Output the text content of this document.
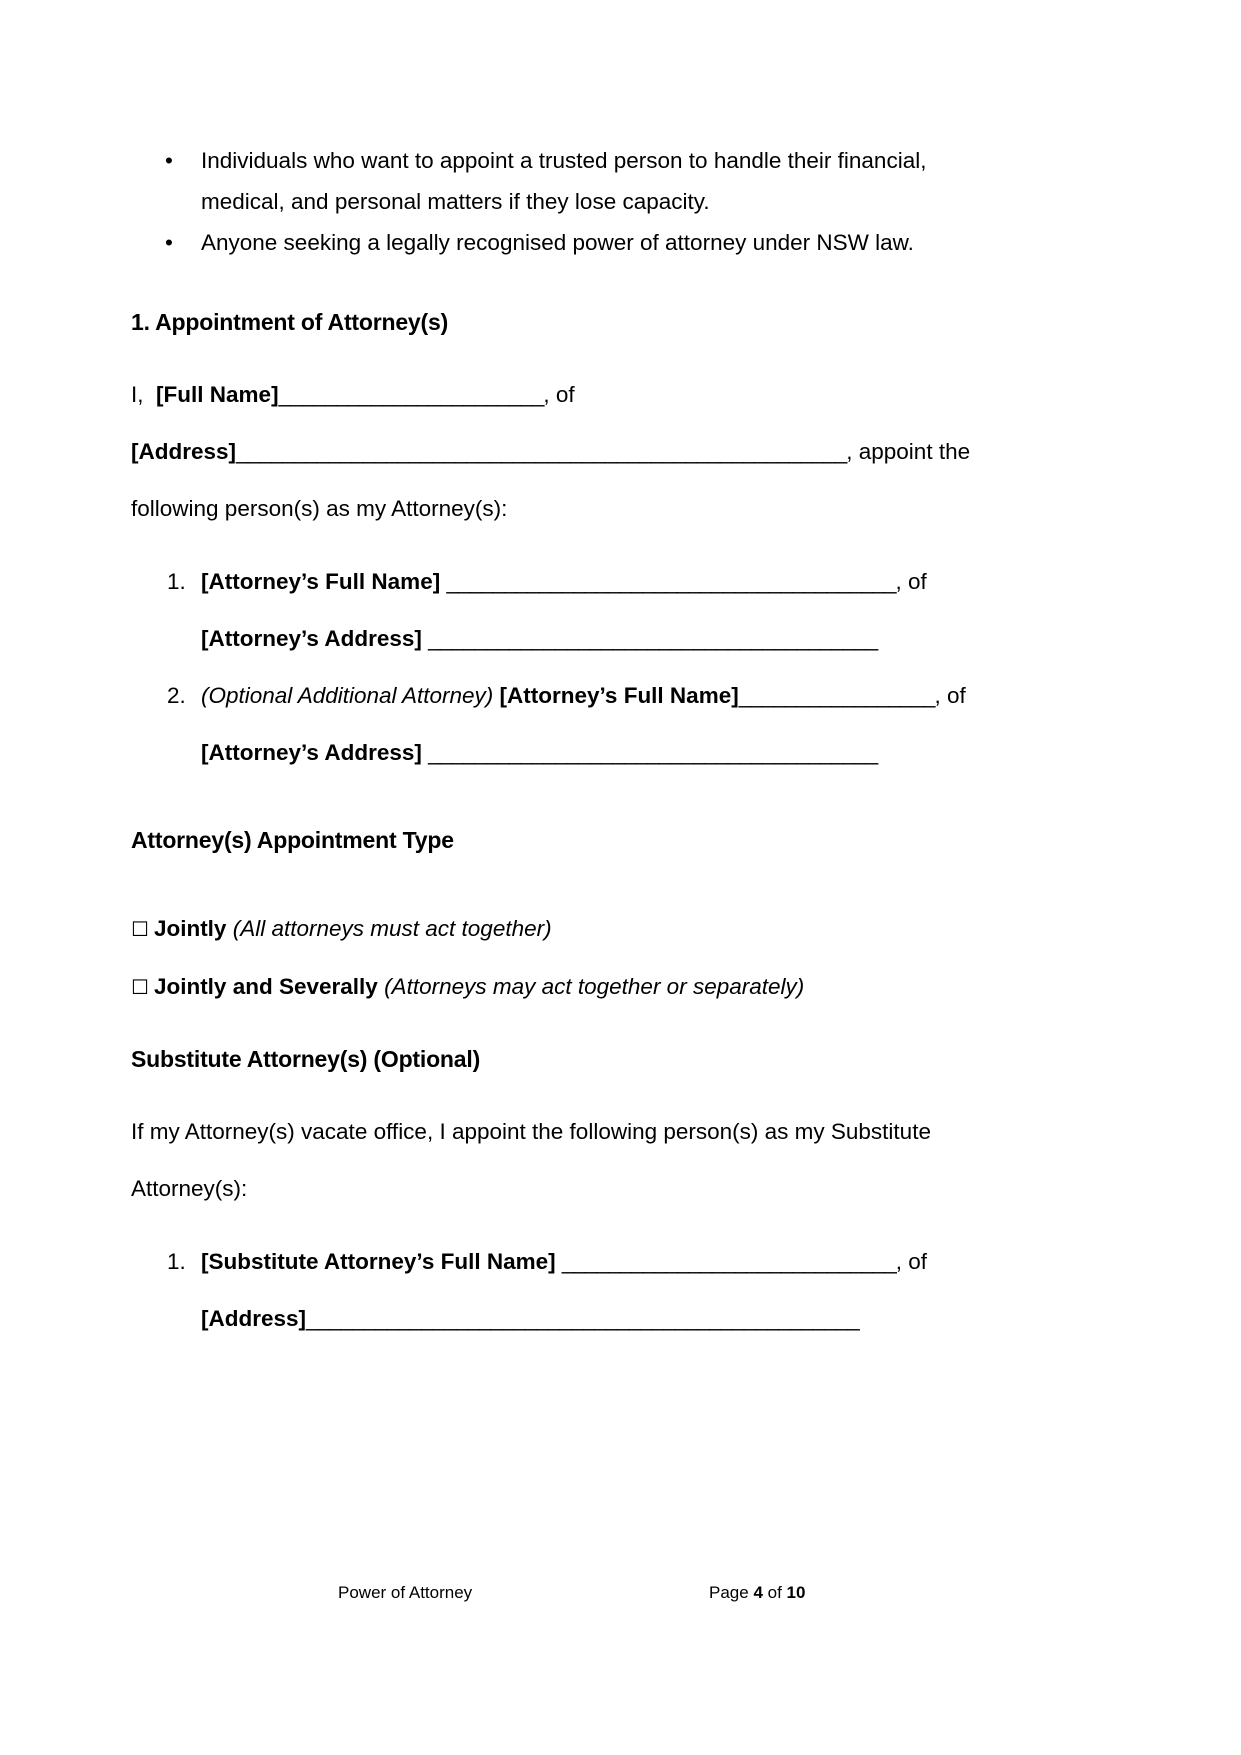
• Individuals who want to appoint a trusted person to handle their financial, medical, and personal matters if they lose capacity.
• Anyone seeking a legally recognised power of attorney under NSW law.
1. Appointment of Attorney(s)
I, [Full Name]_______________________, of
[Address]_____________________________________________________, appoint the
following person(s) as my Attorney(s):
1. [Attorney’s Full Name] _______________________________________, of
[Attorney’s Address] _______________________________________
2. (Optional Additional Attorney) [Attorney’s Full Name]_________________, of
[Attorney’s Address] _______________________________________
Attorney(s) Appointment Type
☐ Jointly (All attorneys must act together)
☐ Jointly and Severally (Attorneys may act together or separately)
Substitute Attorney(s) (Optional)
If my Attorney(s) vacate office, I appoint the following person(s) as my Substitute
Attorney(s):
1. [Substitute Attorney’s Full Name] _____________________________, of
[Address]________________________________________________
Power of Attorney	Page 4 of 10
